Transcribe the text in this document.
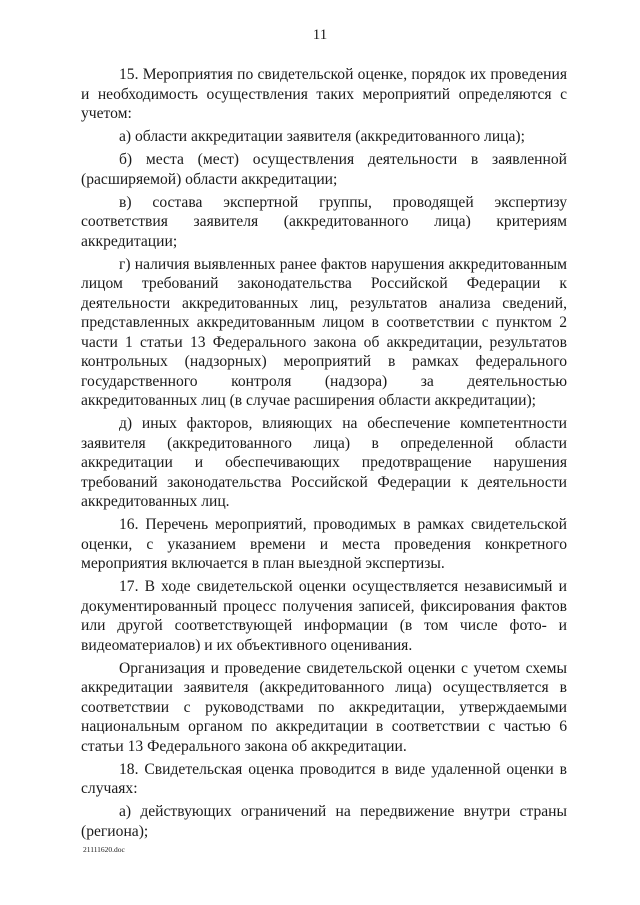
11

15. Мероприятия по свидетельской оценке, порядок их проведения и необходимость осуществления таких мероприятий определяются с учетом:

а) области аккредитации заявителя (аккредитованного лица);

б) места (мест) осуществления деятельности в заявленной (расширяемой) области аккредитации;

в) состава экспертной группы, проводящей экспертизу соответствия заявителя (аккредитованного лица) критериям аккредитации;

г) наличия выявленных ранее фактов нарушения аккредитованным лицом требований законодательства Российской Федерации к деятельности аккредитованных лиц, результатов анализа сведений, представленных аккредитованным лицом в соответствии с пунктом 2 части 1 статьи 13 Федерального закона об аккредитации, результатов контрольных (надзорных) мероприятий в рамках федерального государственного контроля (надзора) за деятельностью аккредитованных лиц (в случае расширения области аккредитации);

д) иных факторов, влияющих на обеспечение компетентности заявителя (аккредитованного лица) в определенной области аккредитации и обеспечивающих предотвращение нарушения требований законодательства Российской Федерации к деятельности аккредитованных лиц.

16. Перечень мероприятий, проводимых в рамках свидетельской оценки, с указанием времени и места проведения конкретного мероприятия включается в план выездной экспертизы.

17. В ходе свидетельской оценки осуществляется независимый и документированный процесс получения записей, фиксирования фактов или другой соответствующей информации (в том числе фото- и видеоматериалов) и их объективного оценивания.

Организация и проведение свидетельской оценки с учетом схемы аккредитации заявителя (аккредитованного лица) осуществляется в соответствии с руководствами по аккредитации, утверждаемыми национальным органом по аккредитации в соответствии с частью 6 статьи 13 Федерального закона об аккредитации.

18. Свидетельская оценка проводится в виде удаленной оценки в случаях:

а) действующих ограничений на передвижение внутри страны (региона);

21111620.doc
